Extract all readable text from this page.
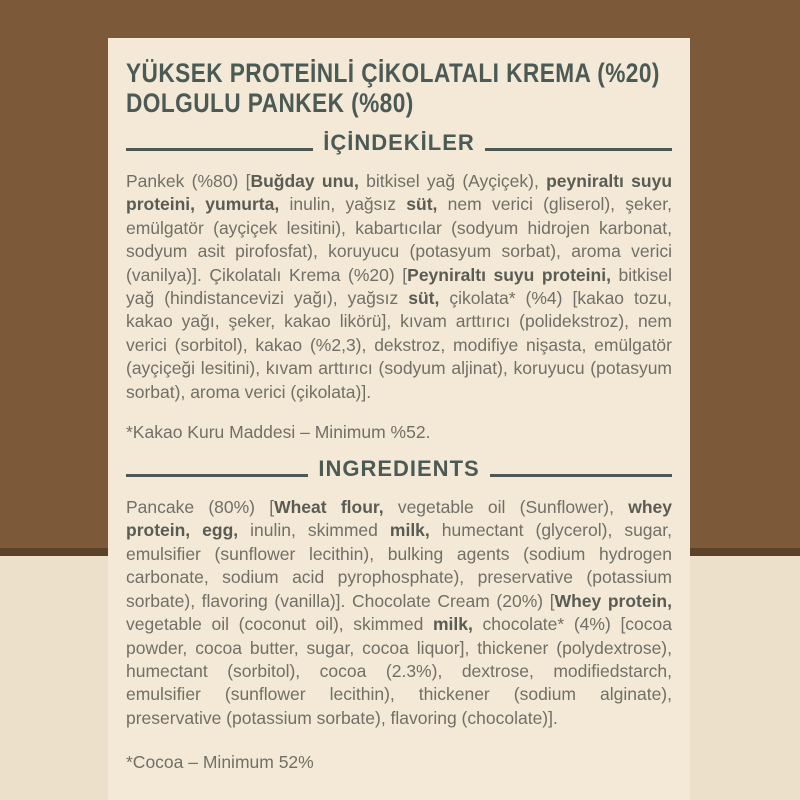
YÜKSEK PROTEİNLİ ÇİKOLATALI KREMA (%20)
DOLGULU PANKEK (%80)
İÇİNDEKİLER
Pankek (%80) [Buğday unu, bitkisel yağ (Ayçiçek), peyniraltı suyu proteini, yumurta, inulin, yağsız süt, nem verici (gliserol), şeker, emülgatör (ayçiçek lesitini), kabartıcılar (sodyum hidrojen karbonat, sodyum asit pirofosfat), koruyucu (potasyum sorbat), aroma verici (vanilya)]. Çikolatalı Krema (%20) [Peyniraltı suyu proteini, bitkisel yağ (hindistancevizi yağı), yağsız süt, çikolata* (%4) [kakao tozu, kakao yağı, şeker, kakao likörü], kıvam arttırıcı (polidekstroz), nem verici (sorbitol), kakao (%2,3), dekstroz, modifiye nişasta, emülgatör (ayçiçeği lesitini), kıvam arttırıcı (sodyum aljinat), koruyucu (potasyum sorbat), aroma verici (çikolata)].
*Kakao Kuru Maddesi – Minimum %52.
INGREDIENTS
Pancake (80%) [Wheat flour, vegetable oil (Sunflower), whey protein, egg, inulin, skimmed milk, humectant (glycerol), sugar, emulsifier (sunflower lecithin), bulking agents (sodium hydrogen carbonate, sodium acid pyrophosphate), preservative (potassium sorbate), flavoring (vanilla)]. Chocolate Cream (20%) [Whey protein, vegetable oil (coconut oil), skimmed milk, chocolate* (4%) [cocoa powder, cocoa butter, sugar, cocoa liquor], thickener (polydextrose), humectant (sorbitol), cocoa (2.3%), dextrose, modifiedstarch, emulsifier (sunflower lecithin), thickener (sodium alginate), preservative (potassium sorbate), flavoring (chocolate)].
*Cocoa – Minimum 52%
